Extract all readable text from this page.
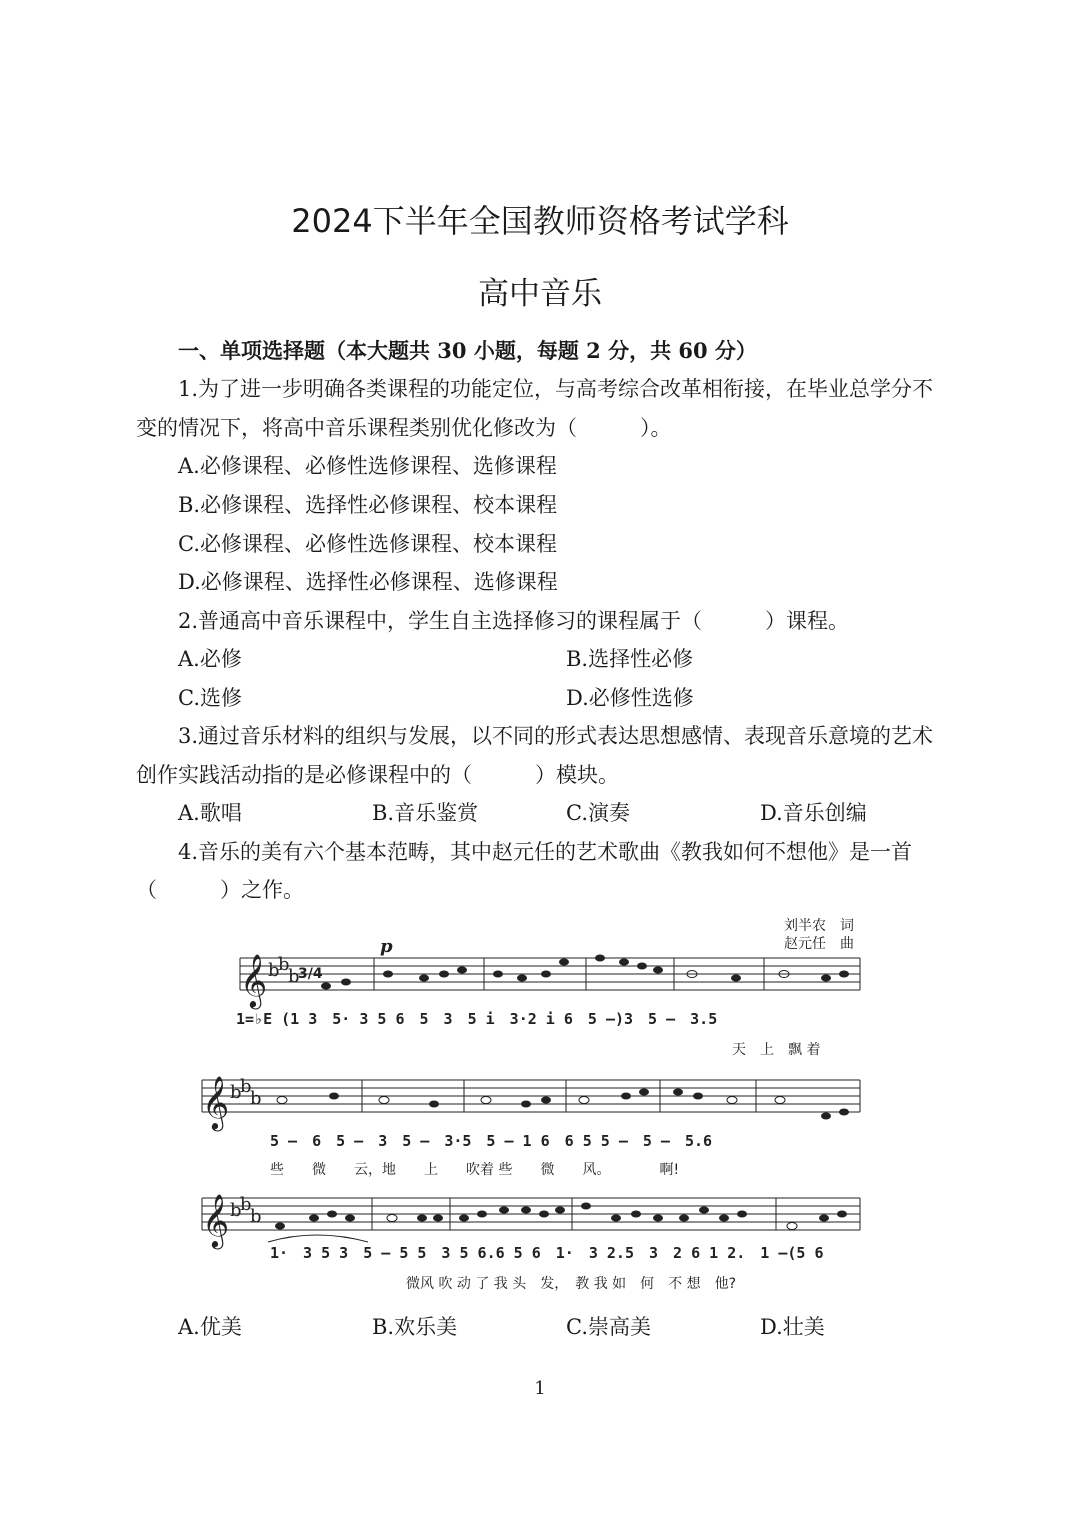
2024下半年全国教师资格考试学科
高中音乐
一、单项选择题（本大题共 30 小题，每题 2 分，共 60 分）
1.为了进一步明确各类课程的功能定位，与高考综合改革相衔接，在毕业总学分不
变的情况下，将高中音乐课程类别优化修改为（　　　）。
A.必修课程、必修性选修课程、选修课程
B.必修课程、选择性必修课程、校本课程
C.必修课程、必修性选修课程、校本课程
D.必修课程、选择性必修课程、选修课程
2.普通高中音乐课程中，学生自主选择修习的课程属于（　　　）课程。
A.必修	B.选择性必修
C.选修	D.必修性选修
3.通过音乐材料的组织与发展，以不同的形式表达思想感情、表现音乐意境的艺术
创作实践活动指的是必修课程中的（　　　）模块。
A.歌唱	B.音乐鉴赏	C.演奏	D.音乐创编
4.音乐的美有六个基本范畴，其中赵元任的艺术歌曲《教我如何不想他》是一首
（　　　）之作。
刘半农　词
赵元任　曲
𝄞 b
b
b
3/4
p
1=♭E (1 3　5· 3 5 6　5　3　5 i　3·2 i 6　5 —)3　5 —　3.5
天　上　飘 着
𝄞 b
b
b
5 —　6　5 —　3　5 —　3·5　5 — 1 6　6 5 5 —　5 —　5.6
些　　微　　云，地　　上　　吹着 些　　微　　风。　　　　啊!
𝄞 b
b
b
1·　3 5 3　5 — 5 5　3 5 6.6 5 6　1·　3 2.5　3　2 6 1 2.　1 —(5 6
微风 吹 动 了 我 头　发，　教 我 如　何　不 想　他?
A.优美	B.欢乐美	C.崇高美	D.壮美
1
